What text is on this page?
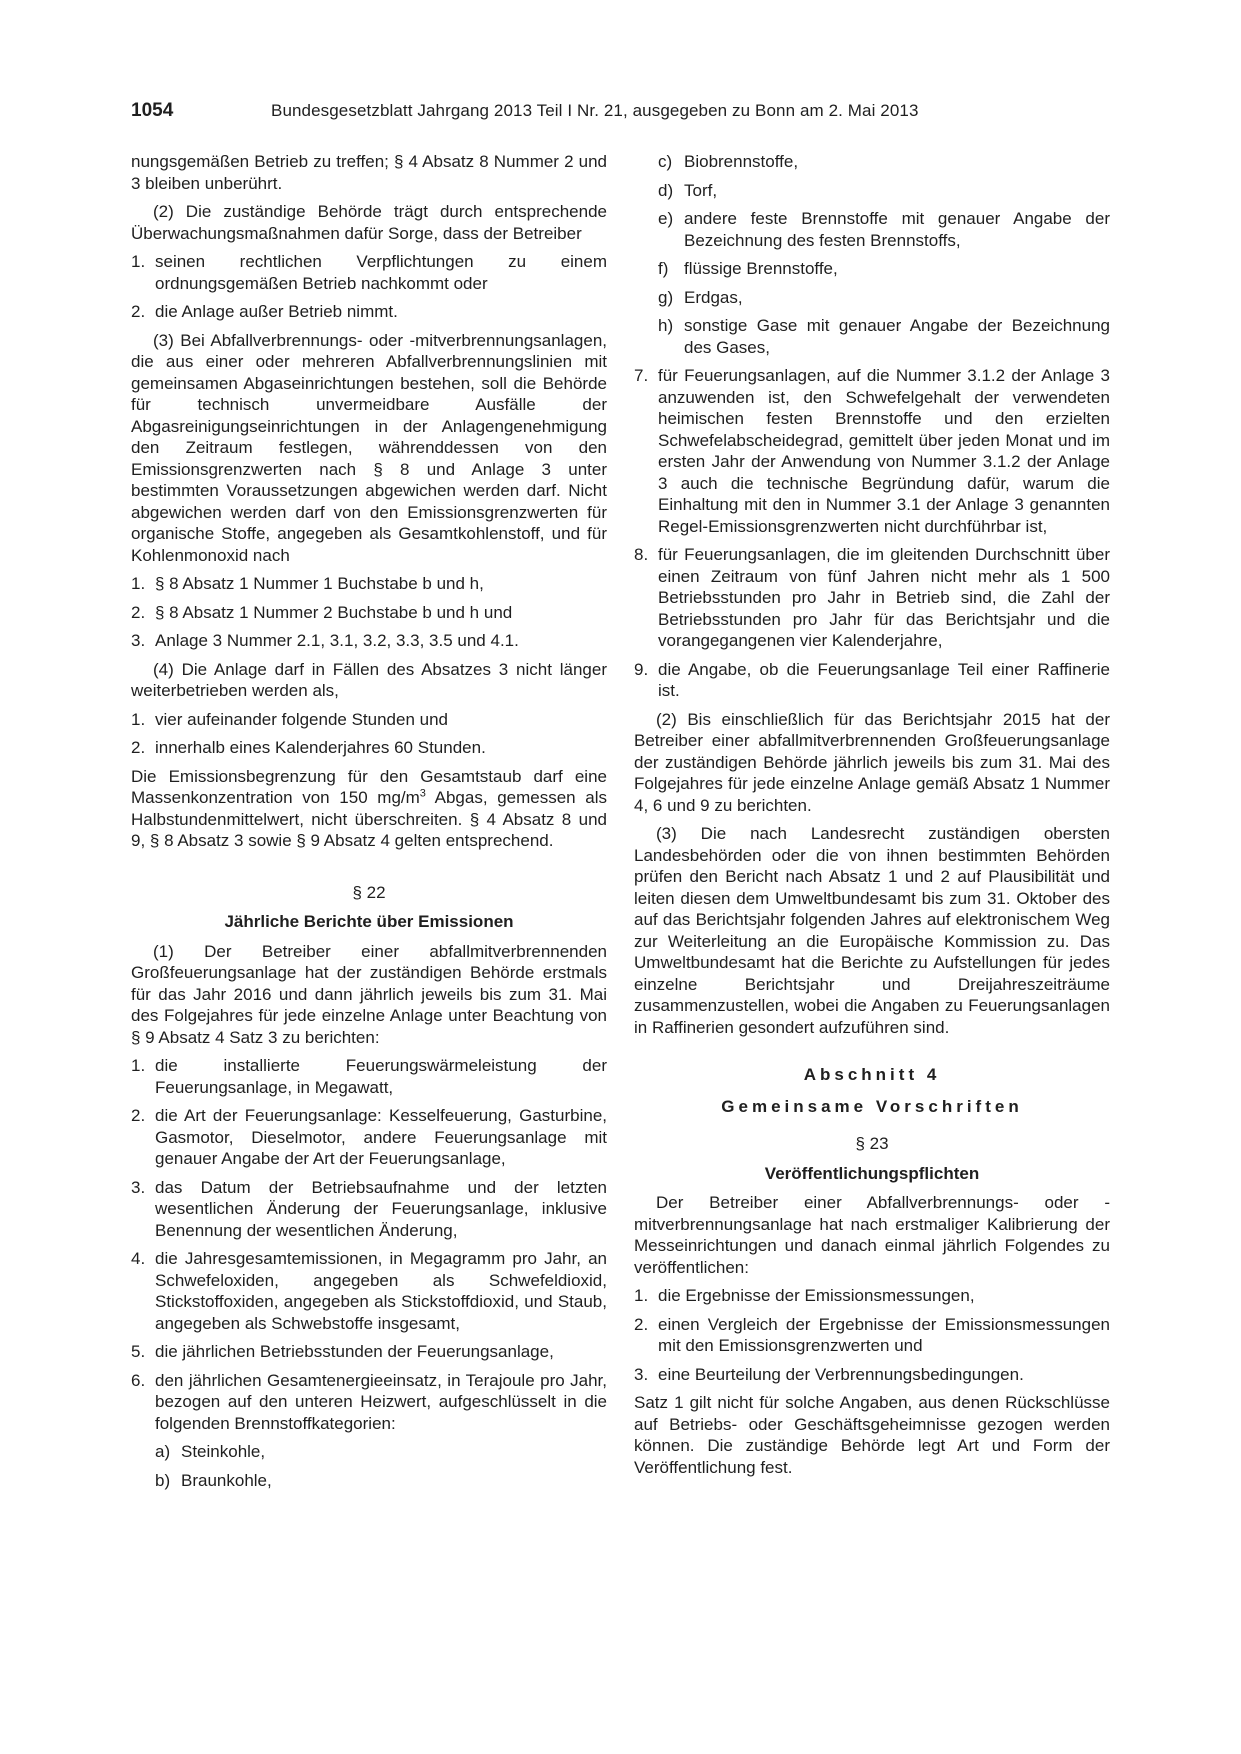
1054	Bundesgesetzblatt Jahrgang 2013 Teil I Nr. 21, ausgegeben zu Bonn am 2. Mai 2013

nungsgemäßen Betrieb zu treffen; § 4 Absatz 8 Nummer 2 und 3 bleiben unberührt.

(2) Die zuständige Behörde trägt durch entsprechende Überwachungsmaßnahmen dafür Sorge, dass der Betreiber

1. seinen rechtlichen Verpflichtungen zu einem ordnungsgemäßen Betrieb nachkommt oder
2. die Anlage außer Betrieb nimmt.

(3) Bei Abfallverbrennungs- oder -mitverbrennungsanlagen, die aus einer oder mehreren Abfallverbrennungslinien mit gemeinsamen Abgaseinrichtungen bestehen, soll die Behörde für technisch unvermeidbare Ausfälle der Abgasreinigungseinrichtungen in der Anlagengenehmigung den Zeitraum festlegen, währenddessen von den Emissionsgrenzwerten nach § 8 und Anlage 3 unter bestimmten Voraussetzungen abgewichen werden darf. Nicht abgewichen werden darf von den Emissionsgrenzwerten für organische Stoffe, angegeben als Gesamtkohlenstoff, und für Kohlenmonoxid nach

1. § 8 Absatz 1 Nummer 1 Buchstabe b und h,
2. § 8 Absatz 1 Nummer 2 Buchstabe b und h und
3. Anlage 3 Nummer 2.1, 3.1, 3.2, 3.3, 3.5 und 4.1.

(4) Die Anlage darf in Fällen des Absatzes 3 nicht länger weiterbetrieben werden als,

1. vier aufeinander folgende Stunden und
2. innerhalb eines Kalenderjahres 60 Stunden.

Die Emissionsbegrenzung für den Gesamtstaub darf eine Massenkonzentration von 150 $mg/m^3$ Abgas, gemessen als Halbstundenmittelwert, nicht überschreiten. § 4 Absatz 8 und 9, § 8 Absatz 3 sowie § 9 Absatz 4 gelten entsprechend.

§ 22
Jährliche Berichte über Emissionen

(1) Der Betreiber einer abfallmitverbrennenden Großfeuerungsanlage hat der zuständigen Behörde erstmals für das Jahr 2016 und dann jährlich jeweils bis zum 31. Mai des Folgejahres für jede einzelne Anlage unter Beachtung von § 9 Absatz 4 Satz 3 zu berichten:

1. die installierte Feuerungswärmeleistung der Feuerungsanlage, in Megawatt,
2. die Art der Feuerungsanlage: Kesselfeuerung, Gasturbine, Gasmotor, Dieselmotor, andere Feuerungsanlage mit genauer Angabe der Art der Feuerungsanlage,
3. das Datum der Betriebsaufnahme und der letzten wesentlichen Änderung der Feuerungsanlage, inklusive Benennung der wesentlichen Änderung,
4. die Jahresgesamtemissionen, in Megagramm pro Jahr, an Schwefeloxiden, angegeben als Schwefeldioxid, Stickstoffoxiden, angegeben als Stickstoffdioxid, und Staub, angegeben als Schwebstoffe insgesamt,
5. die jährlichen Betriebsstunden der Feuerungsanlage,
6. den jährlichen Gesamtenergieeinsatz, in Terajoule pro Jahr, bezogen auf den unteren Heizwert, aufgeschlüsselt in die folgenden Brennstoffkategorien:
a) Steinkohle,
b) Braunkohle,
c) Biobrennstoffe,
d) Torf,
e) andere feste Brennstoffe mit genauer Angabe der Bezeichnung des festen Brennstoffs,
f) flüssige Brennstoffe,
g) Erdgas,
h) sonstige Gase mit genauer Angabe der Bezeichnung des Gases,
7. für Feuerungsanlagen, auf die Nummer 3.1.2 der Anlage 3 anzuwenden ist, den Schwefelgehalt der verwendeten heimischen festen Brennstoffe und den erzielten Schwefelabscheidegrad, gemittelt über jeden Monat und im ersten Jahr der Anwendung von Nummer 3.1.2 der Anlage 3 auch die technische Begründung dafür, warum die Einhaltung mit den in Nummer 3.1 der Anlage 3 genannten Regel-Emissionsgrenzwerten nicht durchführbar ist,
8. für Feuerungsanlagen, die im gleitenden Durchschnitt über einen Zeitraum von fünf Jahren nicht mehr als 1 500 Betriebsstunden pro Jahr in Betrieb sind, die Zahl der Betriebsstunden pro Jahr für das Berichtsjahr und die vorangegangenen vier Kalenderjahre,
9. die Angabe, ob die Feuerungsanlage Teil einer Raffinerie ist.

(2) Bis einschließlich für das Berichtsjahr 2015 hat der Betreiber einer abfallmitverbrennenden Großfeuerungsanlage der zuständigen Behörde jährlich jeweils bis zum 31. Mai des Folgejahres für jede einzelne Anlage gemäß Absatz 1 Nummer 4, 6 und 9 zu berichten.

(3) Die nach Landesrecht zuständigen obersten Landesbehörden oder die von ihnen bestimmten Behörden prüfen den Bericht nach Absatz 1 und 2 auf Plausibilität und leiten diesen dem Umweltbundesamt bis zum 31. Oktober des auf das Berichtsjahr folgenden Jahres auf elektronischem Weg zur Weiterleitung an die Europäische Kommission zu. Das Umweltbundesamt hat die Berichte zu Aufstellungen für jedes einzelne Berichtsjahr und Dreijahreszeiträume zusammenzustellen, wobei die Angaben zu Feuerungsanlagen in Raffinerien gesondert aufzuführen sind.

Abschnitt 4
Gemeinsame Vorschriften
§ 23
Veröffentlichungspflichten

Der Betreiber einer Abfallverbrennungs- oder -mitverbrennungsanlage hat nach erstmaliger Kalibrierung der Messeinrichtungen und danach einmal jährlich Folgendes zu veröffentlichen:

1. die Ergebnisse der Emissionsmessungen,
2. einen Vergleich der Ergebnisse der Emissionsmessungen mit den Emissionsgrenzwerten und
3. eine Beurteilung der Verbrennungsbedingungen.

Satz 1 gilt nicht für solche Angaben, aus denen Rückschlüsse auf Betriebs- oder Geschäftsgeheimnisse gezogen werden können. Die zuständige Behörde legt Art und Form der Veröffentlichung fest.
